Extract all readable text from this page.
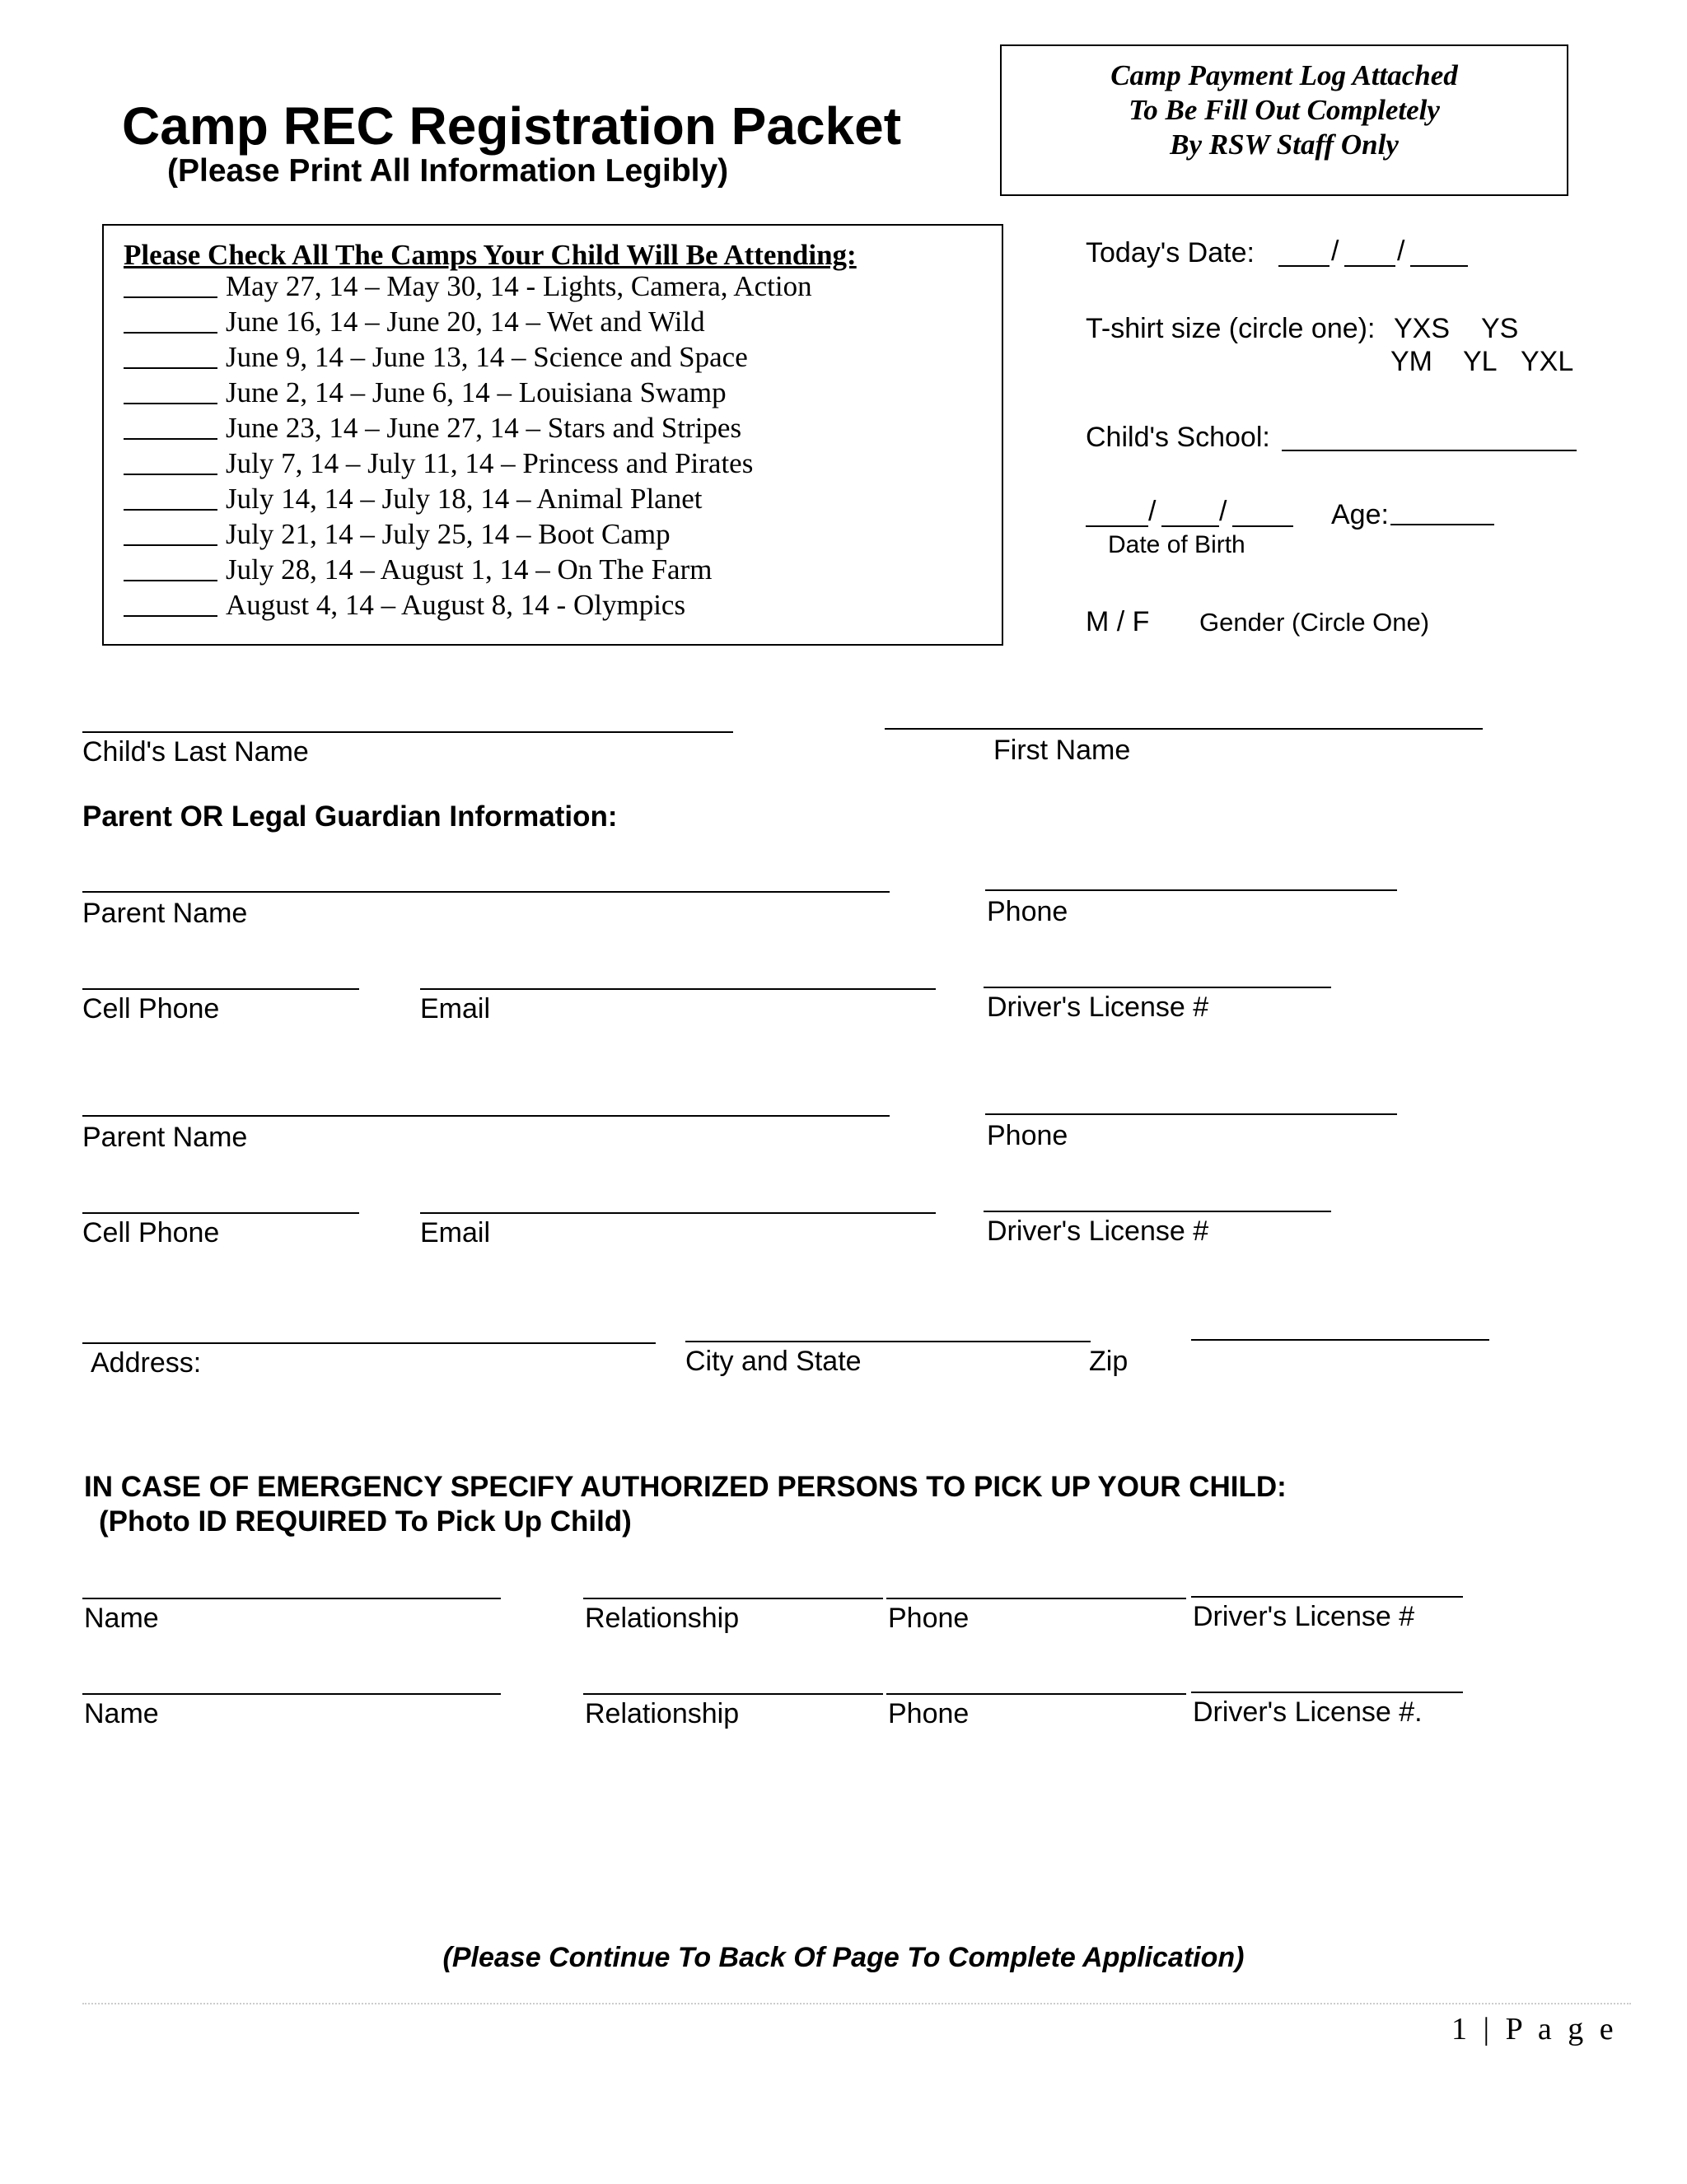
Camp REC Registration Packet
(Please Print All Information Legibly)
Camp Payment Log Attached
To Be Fill Out Completely
By RSW Staff Only
Please Check All The Camps Your Child Will Be Attending:
May 27, 14 – May 30, 14 - Lights, Camera, Action
June 16, 14 – June 20, 14 – Wet and Wild
June 9, 14 – June 13, 14 – Science and Space
June 2, 14 – June 6, 14 – Louisiana Swamp
June 23, 14 – June 27, 14 – Stars and Stripes
July 7, 14 – July 11, 14 – Princess and Pirates
July 14, 14 – July 18, 14 – Animal Planet
July 21, 14 – July 25, 14 – Boot Camp
July 28, 14 – August 1, 14 – On The Farm
August 4, 14 – August 8, 14 - Olympics
Today's Date:	/ /
T-shirt size (circle one): YXS YS
YM YL YXL
Child's School:
/ /
Date of Birth
Age:
M / F Gender (Circle One)
Child's Last Name	First Name
Parent OR Legal Guardian Information:
Parent Name	Phone
Cell Phone	Email	Driver's License #
Parent Name	Phone
Cell Phone	Email	Driver's License #
Address:	City and State	Zip
IN CASE OF EMERGENCY SPECIFY AUTHORIZED PERSONS TO PICK UP YOUR CHILD:
(Photo ID REQUIRED To Pick Up Child)
Name	Relationship	Phone	Driver's License #
Name	Relationship	Phone	Driver's License #.
(Please Continue To Back Of Page To Complete Application)
1 | P a g e
